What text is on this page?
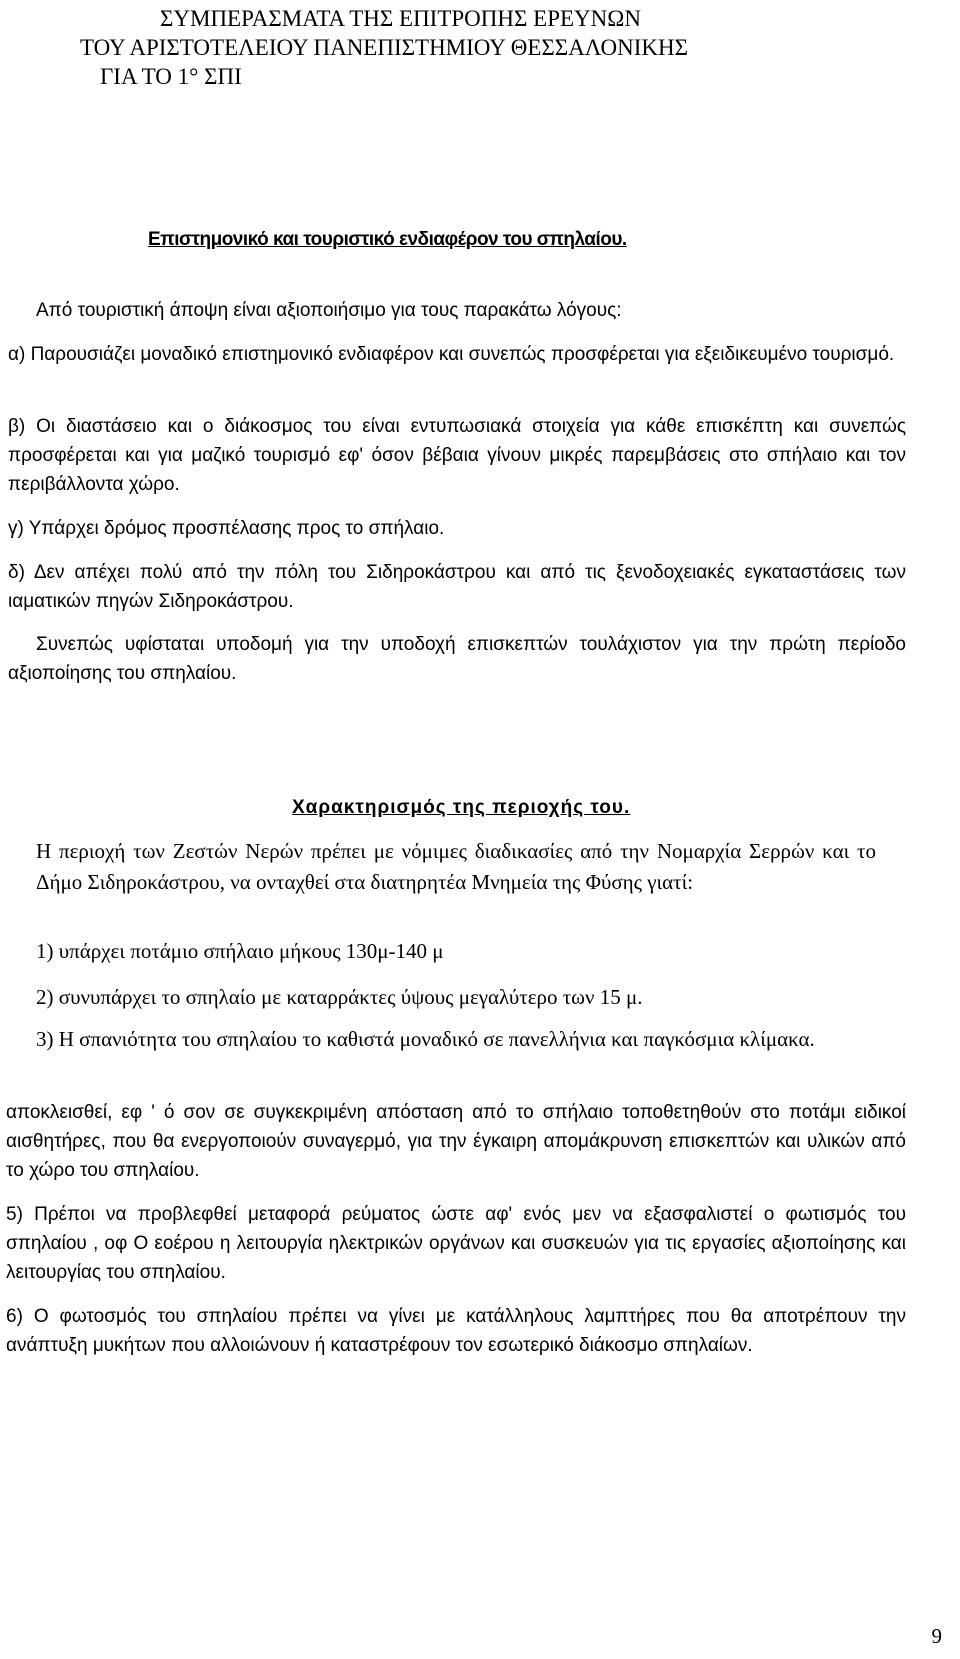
ΣΥΜΠΕΡΑΣΜΑΤΑ ΤΗΣ ΕΠΙΤΡΟΠΗΣ ΕΡΕΥΝΩΝ
ΤΟΥ ΑΡΙΣΤΟΤΕΛΕΙΟΥ ΠΑΝΕΠΙΣΤΗΜΙΟΥ ΘΕΣΣΑΛΟΝΙΚΗΣ
ΓΙΑ ΤΟ 1° ΣΠΙ
Επιστημονικό και τουριστικό ενδιαφέρον του σπηλαίου.

Από τουριστική άποψη είναι αξιοποιήσιμο για τους παρακάτω λόγους:

α) Παρουσιάζει μοναδικό επιστημονικό ενδιαφέρον και συνεπώς προσφέρεται για εξειδικευμένο τουρισμό.

β) Οι διαστάσειο και ο διάκοσμος του είναι εντυπωσιακά στοιχεία για κάθε επισκέπτη και συνεπώς προσφέρεται και για μαζικό τουρισμό εφ' όσον βέβαια γίνουν μικρές παρεμβάσεις στο σπήλαιο και τον περιβάλλοντα χώρο.

γ) Υπάρχει δρόμος προσπέλασης προς το σπήλαιο.

δ) Δεν απέχει πολύ από την πόλη του Σιδηροκάστρου και από τις ξενοδοχειακές εγκαταστάσεις των ιαματικών πηγών Σιδηροκάστρου.

Συνεπώς υφίσταται υποδομή για την υποδοχή επισκεπτών τουλάχιστον για την πρώτη περίοδο αξιοποίησης του σπηλαίου.

Χαρακτηρισμός της περιοχής του.

Η περιοχή των Ζεστών Νερών πρέπει με νόμιμες διαδικασίες από την Νομαρχία Σερρών και το Δήμο Σιδηροκάστρου, να ονταχθεί στα διατηρητέα Μνημεία της Φύσης γιατί:

1) υπάρχει ποτάμιο σπήλαιο μήκους 130μ-140 μ

2) συνυπάρχει το σπηλαίο με καταρράκτες ύψους μεγαλύτερο των 15 μ.

3) Η σπανιότητα του σπηλαίου το καθιστά μοναδικό σε πανελλήνια και παγκόσμια κλίμακα.

αποκλεισθεί, εφ ' ό σον σε συγκεκριμένη απόσταση από το σπήλαιο τοποθετηθούν στο ποτάμι ειδικοί αισθητήρες, που θα ενεργοποιούν συναγερμό, για την έγκαιρη απομάκρυνση επισκεπτών και υλικών από το χώρο του σπηλαίου.

5) Πρέποι να προβλεφθεί μεταφορά ρεύματος ώστε αφ' ενός μεν να εξασφαλιστεί ο φωτισμός του σπηλαίου , οφ Ο εοέρου η λειτουργία ηλεκτρικών οργάνων και συσκευών για τις εργασίες αξιοποίησης και λειτουργίας του σπηλαίου.

6) Ο φωτοσμός του σπηλαίου πρέπει να γίνει με κατάλληλους λαμπτήρες που θα αποτρέπουν την ανάπτυξη μυκήτων που αλλοιώνουν ή καταστρέφουν τον εσωτερικό διάκοσμο σπηλαίων.

9
